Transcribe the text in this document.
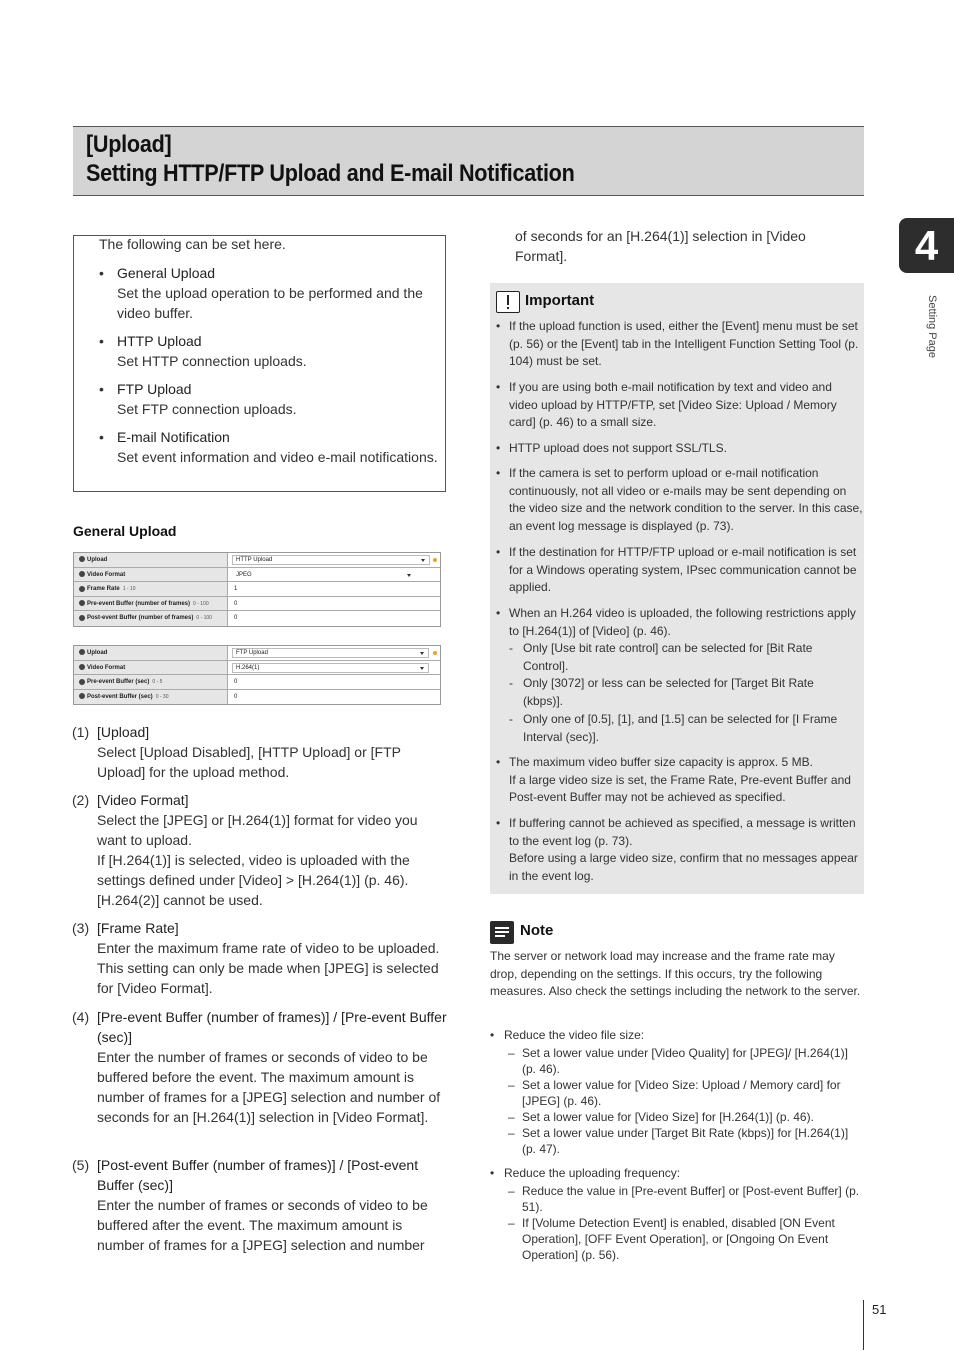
[Upload]
Setting HTTP/FTP Upload and E-mail Notification
4
Setting Page
The following can be set here.
• General Upload
Set the upload operation to be performed and the video buffer.
• HTTP Upload
Set HTTP connection uploads.
• FTP Upload
Set FTP connection uploads.
• E-mail Notification
Set event information and video e-mail notifications.
General Upload
Upload	HTTP Upload
Video Format	JPEG
Frame Rate 1 - 10	1
Pre-event Buffer (number of frames) 0 - 100	0
Post-event Buffer (number of frames) 0 - 100	0
Upload	FTP Upload
Video Format	H.264(1)
Pre-event Buffer (sec) 0 - 5	0
Post-event Buffer (sec) 0 - 30	0
(1) [Upload]
Select [Upload Disabled], [HTTP Upload] or [FTP Upload] for the upload method.
(2) [Video Format]
Select the [JPEG] or [H.264(1)] format for video you want to upload.
If [H.264(1)] is selected, video is uploaded with the settings defined under [Video] > [H.264(1)] (p. 46). [H.264(2)] cannot be used.
(3) [Frame Rate]
Enter the maximum frame rate of video to be uploaded. This setting can only be made when [JPEG] is selected for [Video Format].
(4) [Pre-event Buffer (number of frames)] / [Pre-event Buffer (sec)]
Enter the number of frames or seconds of video to be buffered before the event. The maximum amount is number of frames for a [JPEG] selection and number of seconds for an [H.264(1)] selection in [Video Format].
(5) [Post-event Buffer (number of frames)] / [Post-event Buffer (sec)]
Enter the number of frames or seconds of video to be buffered after the event. The maximum amount is number of frames for a [JPEG] selection and number
of seconds for an [H.264(1)] selection in [Video Format].
Important
• If the upload function is used, either the [Event] menu must be set (p. 56) or the [Event] tab in the Intelligent Function Setting Tool (p. 104) must be set.
• If you are using both e-mail notification by text and video and video upload by HTTP/FTP, set [Video Size: Upload / Memory card] (p. 46) to a small size.
• HTTP upload does not support SSL/TLS.
• If the camera is set to perform upload or e-mail notification continuously, not all video or e-mails may be sent depending on the video size and the network condition to the server. In this case, an event log message is displayed (p. 73).
• If the destination for HTTP/FTP upload or e-mail notification is set for a Windows operating system, IPsec communication cannot be applied.
• When an H.264 video is uploaded, the following restrictions apply to [H.264(1)] of [Video] (p. 46).
- Only [Use bit rate control] can be selected for [Bit Rate Control].
- Only [3072] or less can be selected for [Target Bit Rate (kbps)].
- Only one of [0.5], [1], and [1.5] can be selected for [I Frame Interval (sec)].
• The maximum video buffer size capacity is approx. 5 MB.
If a large video size is set, the Frame Rate, Pre-event Buffer and Post-event Buffer may not be achieved as specified.
• If buffering cannot be achieved as specified, a message is written to the event log (p. 73).
Before using a large video size, confirm that no messages appear in the event log.
Note
The server or network load may increase and the frame rate may drop, depending on the settings. If this occurs, try the following measures. Also check the settings including the network to the server.
• Reduce the video file size:
– Set a lower value under [Video Quality] for [JPEG]/ [H.264(1)] (p. 46).
– Set a lower value for [Video Size: Upload / Memory card] for [JPEG] (p. 46).
– Set a lower value for [Video Size] for [H.264(1)] (p. 46).
– Set a lower value under [Target Bit Rate (kbps)] for [H.264(1)] (p. 47).
• Reduce the uploading frequency:
– Reduce the value in [Pre-event Buffer] or [Post-event Buffer] (p. 51).
– If [Volume Detection Event] is enabled, disabled [ON Event Operation], [OFF Event Operation], or [Ongoing On Event Operation] (p. 56).
51
